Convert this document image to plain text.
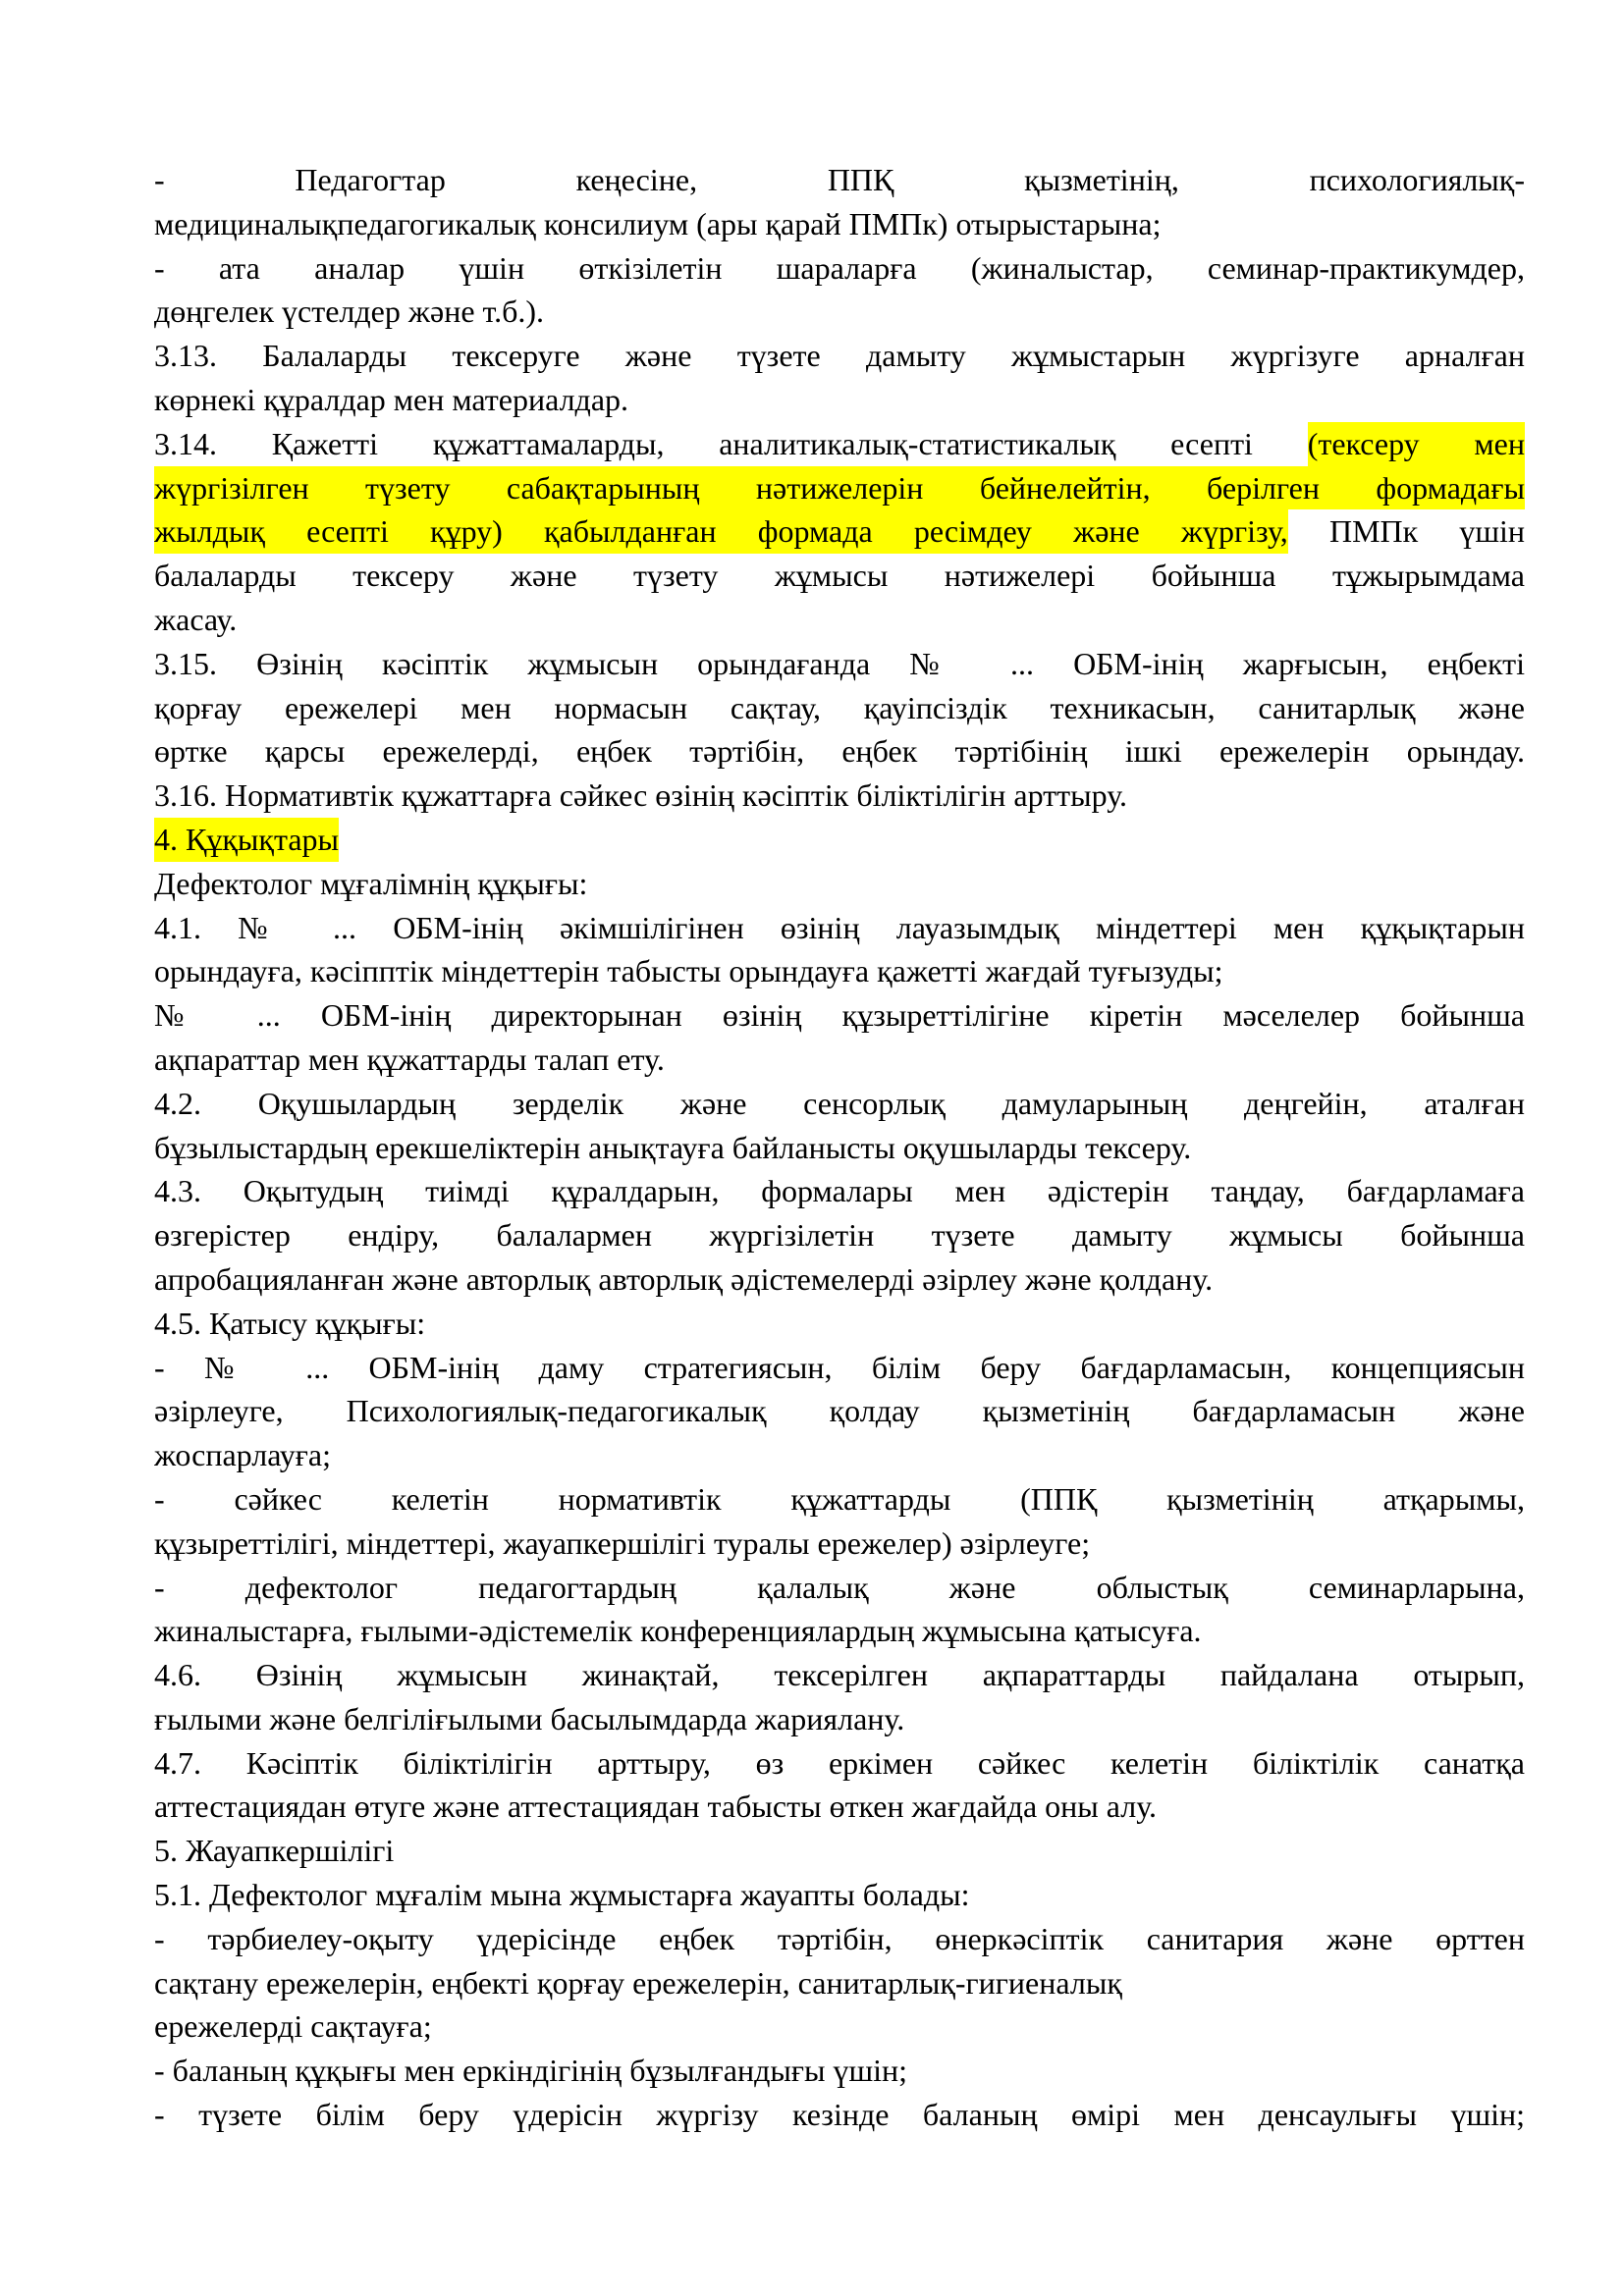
- Педагогтар кеңесіне, ППҚ қызметінің, психологиялық-
медициналықпедагогикалық консилиум (ары қарай ПМПк) отырыстарына;
- ата аналар үшін өткізілетін шараларға (жиналыстар, семинар-практикумдер,
дөңгелек үстелдер және т.б.).
3.13. Балаларды тексеруге және түзете дамыту жұмыстарын жүргізуге арналған
көрнекі құралдар мен материалдар.
3.14. Қажетті құжаттамаларды, аналитикалық-статистикалық есепті (тексеру мен
жүргізілген түзету сабақтарының нәтижелерін бейнелейтін, берілген формадағы
жылдық есепті құру) қабылданған формада ресімдеу және жүргізу, ПМПк үшін
балаларды тексеру және түзету жұмысы нәтижелері бойынша тұжырымдама
жасау.
3.15. Өзінің кәсіптік жұмысын орындағанда № ... ОБМ-інің жарғысын, еңбекті
қорғау ережелері мен нормасын сақтау, қауіпсіздік техникасын, санитарлық және
өртке қарсы ережелерді, еңбек тәртібін, еңбек тәртібінің ішкі ережелерін орындау.
3.16. Нормативтік құжаттарға сәйкес өзінің кәсіптік біліктілігін арттыру.
4. Құқықтары
Дефектолог мұғалімнің құқығы:
4.1. № ... ОБМ-інің әкімшілігінен өзінің лауазымдық міндеттері мен құқықтарын
орындауға, кәсіпптік міндеттерін табысты орындауға қажетті жағдай туғызуды;
№ ... ОБМ-інің директорынан өзінің құзыреттілігіне кіретін мәселелер бойынша
ақпараттар мен құжаттарды талап ету.
4.2. Оқушылардың зерделік және сенсорлық дамуларының деңгейін, аталған
бұзылыстардың ерекшеліктерін анықтауға байланысты оқушыларды тексеру.
4.3. Оқытудың тиімді құралдарын, формалары мен әдістерін таңдау, бағдарламаға
өзгерістер ендіру, балалармен жүргізілетін түзете дамыту жұмысы бойынша
апробацияланған және авторлық авторлық әдістемелерді әзірлеу және қолдану.
4.5. Қатысу құқығы:
- № ... ОБМ-інің даму стратегиясын, білім беру бағдарламасын, концепциясын
әзірлеуге, Психологиялық-педагогикалық қолдау қызметінің бағдарламасын және
жоспарлауға;
- сәйкес келетін нормативтік құжаттарды (ППҚ қызметінің атқарымы,
құзыреттілігі, міндеттері, жауапкершілігі туралы ережелер) әзірлеуге;
- дефектолог педагогтардың қалалық және облыстық семинарларына,
жиналыстарға, ғылыми-әдістемелік конференциялардың жұмысына қатысуға.
4.6. Өзінің жұмысын жинақтай, тексерілген ақпараттарды пайдалана отырып,
ғылыми және белгіліғылыми басылымдарда жариялану.
4.7. Кәсіптік біліктілігін арттыру, өз еркімен сәйкес келетін біліктілік санатқа
аттестациядан өтуге және аттестациядан табысты өткен жағдайда оны алу.
5. Жауапкершілігі
5.1. Дефектолог мұғалім мына жұмыстарға жауапты болады:
- тәрбиелеу-оқыту үдерісінде еңбек тәртібін, өнеркәсіптік санитария және өрттен
сақтану ережелерін, еңбекті қорғау ережелерін, санитарлық-гигиеналық
ережелерді сақтауға;
- баланың құқығы мен еркіндігінің бұзылғандығы үшін;
- түзете білім беру үдерісін жүргізу кезінде баланың өмірі мен денсаулығы үшін;
